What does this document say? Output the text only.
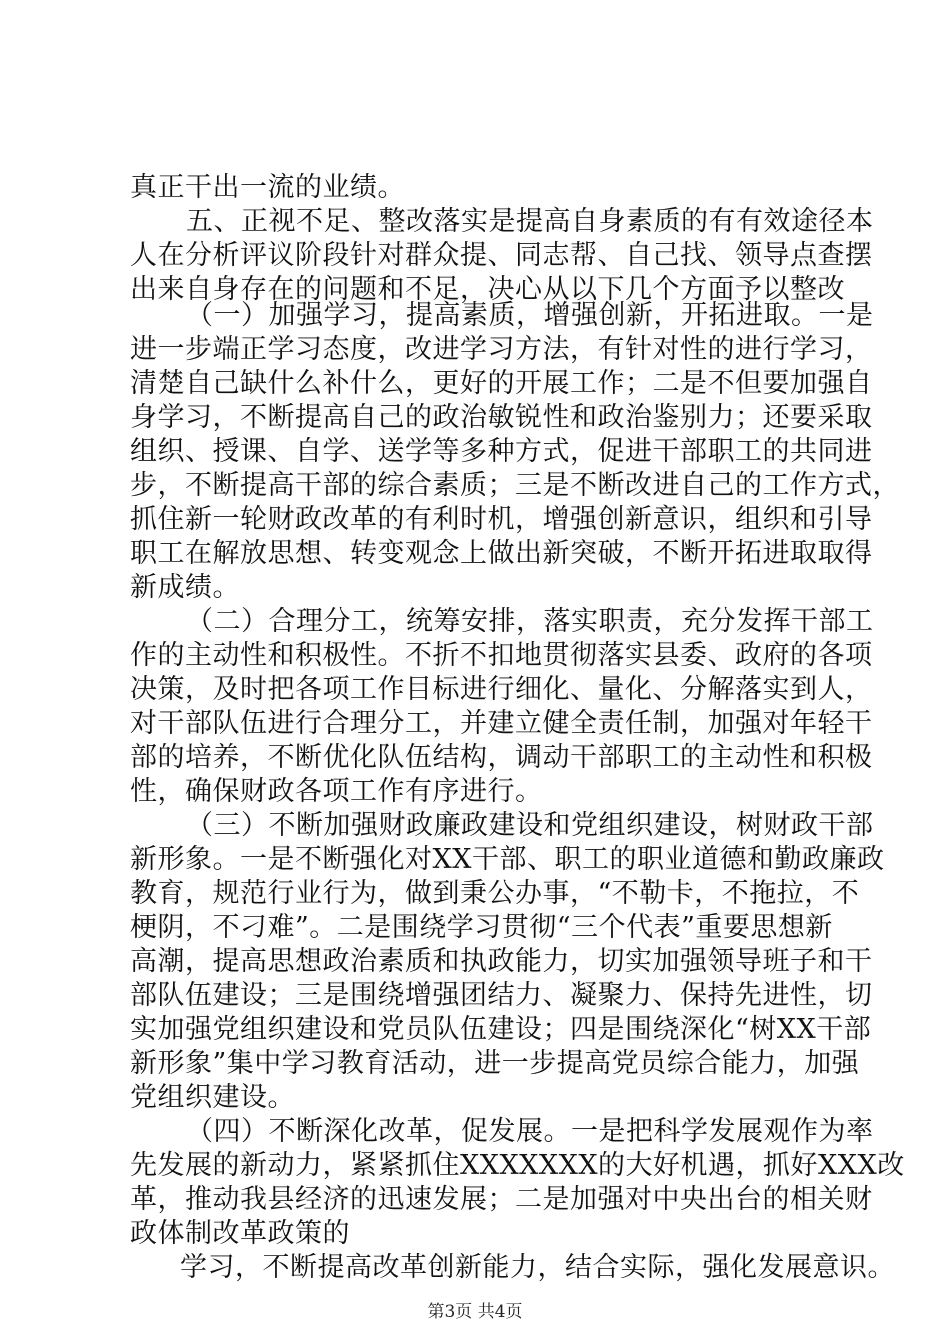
真正干出一流的业绩。
五、正视不足、整改落实是提高自身素质的有有效途径本
人在分析评议阶段针对群众提、同志帮、自己找、领导点查摆
出来自身存在的问题和不足，决心从以下几个方面予以整改
（一）加强学习，提高素质，增强创新，开拓进取。一是
进一步端正学习态度，改进学习方法，有针对性的进行学习，
清楚自己缺什么补什么，更好的开展工作；二是不但要加强自
身学习，不断提高自己的政治敏锐性和政治鉴别力；还要采取
组织、授课、自学、送学等多种方式，促进干部职工的共同进
步，不断提高干部的综合素质；三是不断改进自己的工作方式，
抓住新一轮财政改革的有利时机，增强创新意识，组织和引导
职工在解放思想、转变观念上做出新突破，不断开拓进取取得
新成绩。
（二）合理分工，统筹安排，落实职责，充分发挥干部工
作的主动性和积极性。不折不扣地贯彻落实县委、政府的各项
决策，及时把各项工作目标进行细化、量化、分解落实到人，
对干部队伍进行合理分工，并建立健全责任制，加强对年轻干
部的培养，不断优化队伍结构，调动干部职工的主动性和积极
性，确保财政各项工作有序进行。
（三）不断加强财政廉政建设和党组织建设，树财政干部
新形象。一是不断强化对XX干部、职工的职业道德和勤政廉政
教育，规范行业行为，做到秉公办事，“不勒卡，不拖拉，不
梗阴，不刁难”。二是围绕学习贯彻“三个代表”重要思想新
高潮，提高思想政治素质和执政能力，切实加强领导班子和干
部队伍建设；三是围绕增强团结力、凝聚力、保持先进性，切
实加强党组织建设和党员队伍建设；四是围绕深化“树XX干部
新形象”集中学习教育活动，进一步提高党员综合能力，加强
党组织建设。
（四）不断深化改革，促发展。一是把科学发展观作为率
先发展的新动力，紧紧抓住XXXXXXX的大好机遇，抓好XXX改
革，推动我县经济的迅速发展；二是加强对中央出台的相关财
政体制改革政策的
学习，不断提高改革创新能力，结合实际，强化发展意识。
第3页 共4页
